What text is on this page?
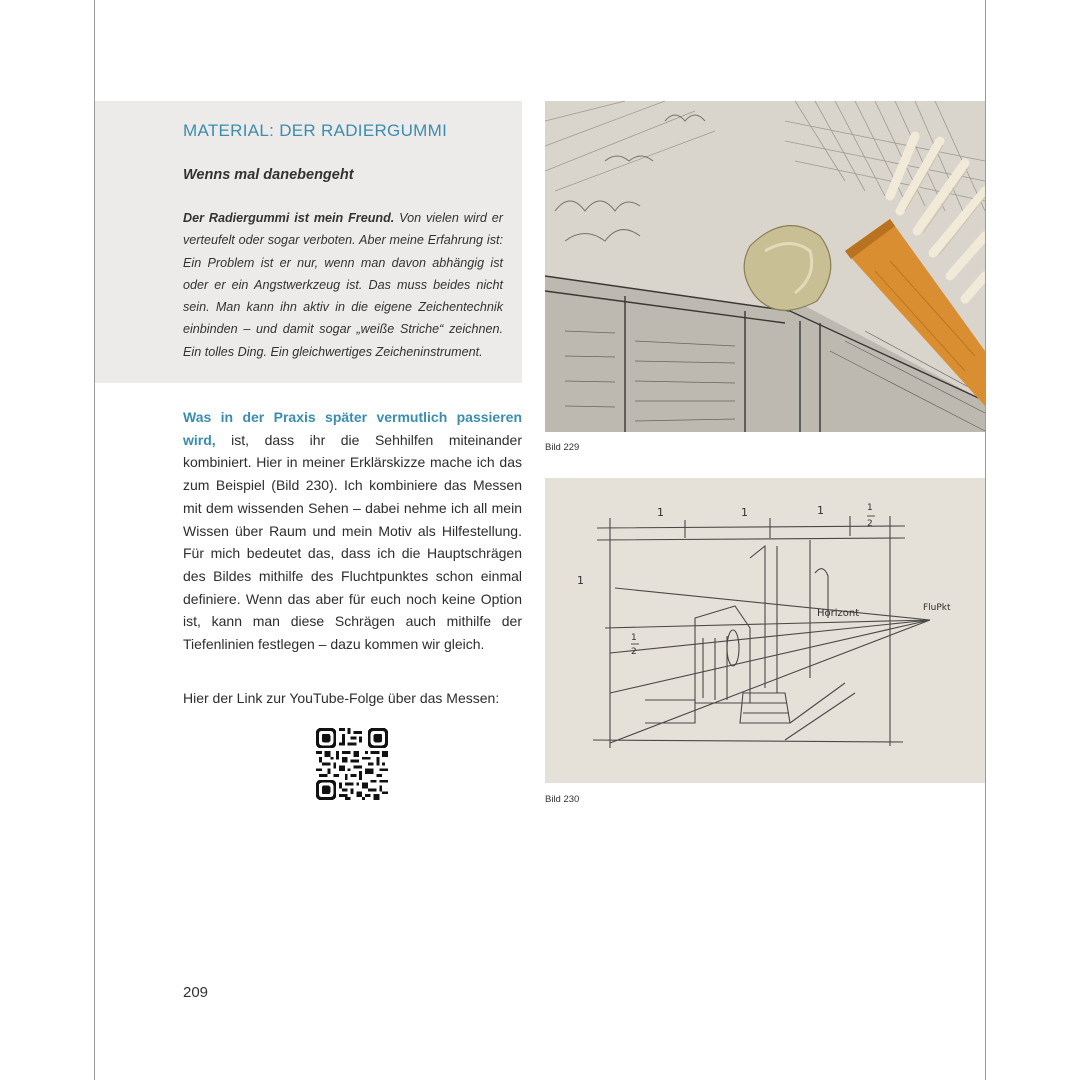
MATERIAL: DER RADIERGUMMI

Wenns mal danebengeht

Der Radiergummi ist mein Freund. Von vielen wird er verteufelt oder sogar verboten. Aber meine Erfahrung ist: Ein Problem ist er nur, wenn man davon abhängig ist oder er ein Angstwerkzeug ist. Das muss beides nicht sein. Man kann ihn aktiv in die eigene Zeichentechnik einbinden – und damit sogar „weiße Striche“ zeichnen. Ein tolles Ding. Ein gleichwertiges Zeicheninstrument.

Was in der Praxis später vermutlich passieren wird, ist, dass ihr die Sehhilfen miteinander kombiniert. Hier in meiner Erklärskizze mache ich das zum Beispiel (Bild 230). Ich kombiniere das Messen mit dem wissenden Sehen – dabei nehme ich all mein Wissen über Raum und mein Motiv als Hilfestellung. Für mich bedeutet das, dass ich die Hauptschrägen des Bildes mithilfe des Fluchtpunktes schon einmal definiere. Wenn das aber für euch noch keine Option ist, kann man diese Schrägen auch mithilfe der Tiefenlinien festlegen – dazu kommen wir gleich.

Hier der Link zur YouTube-Folge über das Messen:

209

Bild 229

1	1	1	1
2
1
1
2
Horizont	FluPkt

Bild 230
